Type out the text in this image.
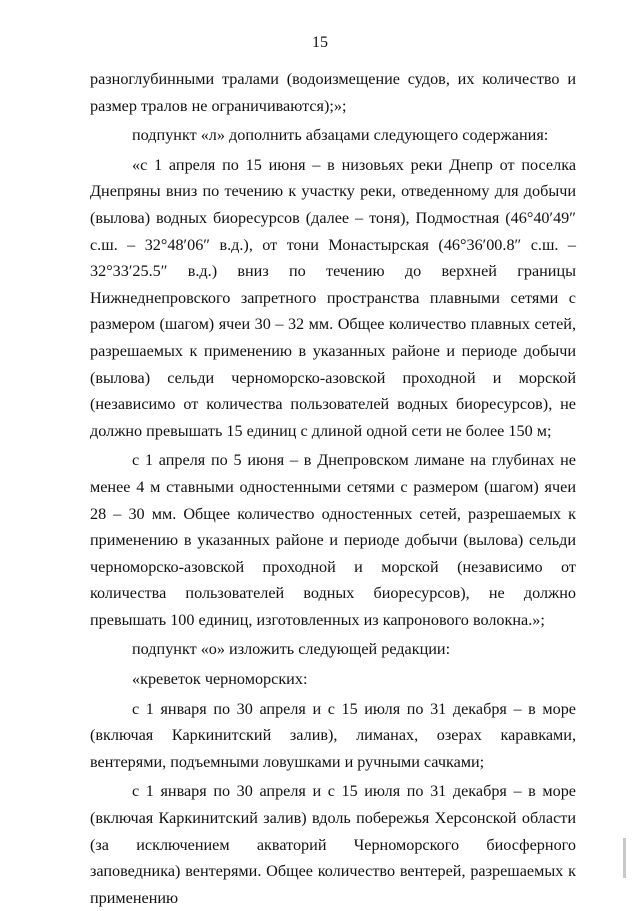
15

разноглубинными тралами (водоизмещение судов, их количество и размер тралов не ограничиваются);»;

подпункт «л» дополнить абзацами следующего содержания:

«с 1 апреля по 15 июня – в низовьях реки Днепр от поселка Днепряны вниз по течению к участку реки, отведенному для добычи (вылова) водных биоресурсов (далее – тоня), Подмостная (46°40′49″ с.ш. – 32°48′06″ в.д.), от тони Монастырская (46°36′00.8″ с.ш. – 32°33′25.5″ в.д.) вниз по течению до верхней границы Нижнеднепровского запретного пространства плавными сетями с размером (шагом) ячеи 30 – 32 мм. Общее количество плавных сетей, разрешаемых к применению в указанных районе и периоде добычи (вылова) сельди черноморско-азовской проходной и морской (независимо от количества пользователей водных биоресурсов), не должно превышать 15 единиц с длиной одной сети не более 150 м;

с 1 апреля по 5 июня – в Днепровском лимане на глубинах не менее 4 м ставными одностенными сетями с размером (шагом) ячеи 28 – 30 мм. Общее количество одностенных сетей, разрешаемых к применению в указанных районе и периоде добычи (вылова) сельди черноморско-азовской проходной и морской (независимо от количества пользователей водных биоресурсов), не должно превышать 100 единиц, изготовленных из капронового волокна.»;

подпункт «о» изложить следующей редакции:

«креветок черноморских:

с 1 января по 30 апреля и с 15 июля по 31 декабря – в море (включая Каркинитский залив), лиманах, озерах каравками, вентерями, подъемными ловушками и ручными сачками;

с 1 января по 30 апреля и с 15 июля по 31 декабря – в море (включая Каркинитский залив) вдоль побережья Херсонской области (за исключением акваторий Черноморского биосферного заповедника) вентерями. Общее количество вентерей, разрешаемых к применению
